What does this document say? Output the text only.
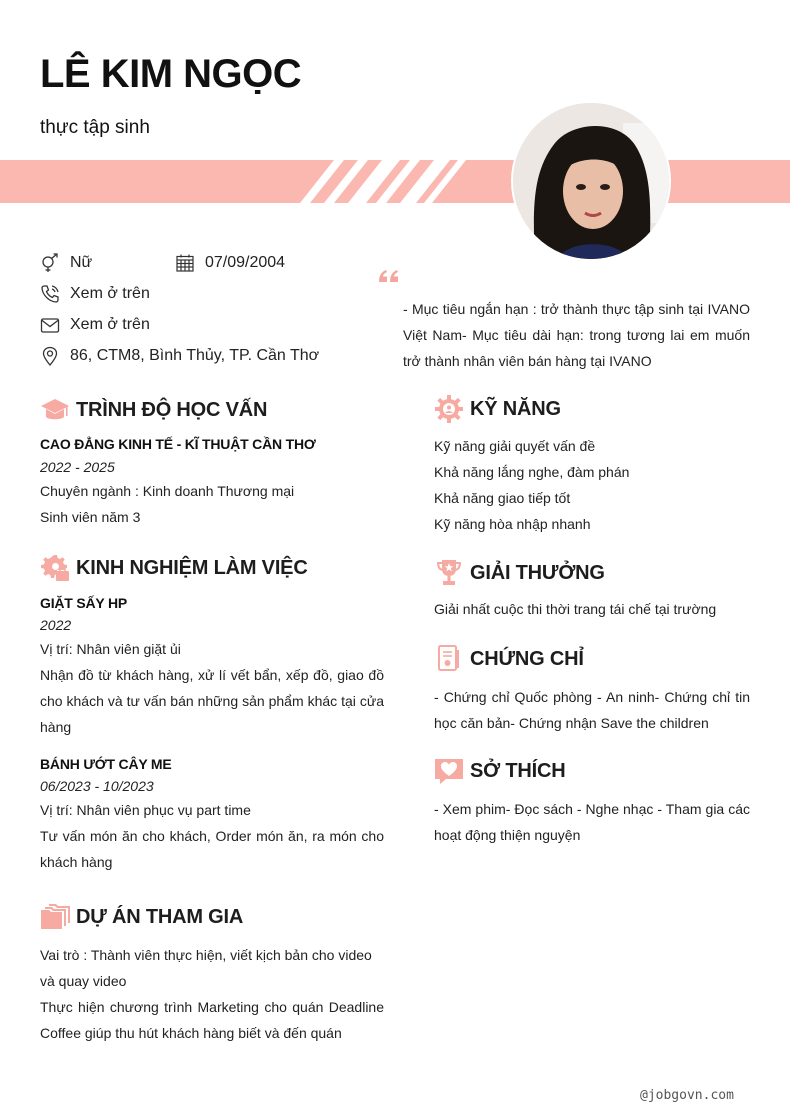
LÊ KIM NGỌC
thực tập sinh
Nữ
Xem ở trên
Xem ở trên
86, CTM8, Bình Thủy, TP. Cần Thơ
07/09/2004
- Mục tiêu ngắn hạn : trở thành thực tập sinh tại IVANO Việt Nam- Mục tiêu dài hạn: trong tương lai em muốn trở thành nhân viên bán hàng tại IVANO
TRÌNH ĐỘ HỌC VẤN
CAO ĐẲNG KINH TẾ - KĨ THUẬT CẦN THƠ
2022 - 2025
Chuyên ngành : Kinh doanh Thương mại
Sinh viên năm 3
KINH NGHIỆM LÀM VIỆC
GIẶT SẤY HP
2022
Vị trí: Nhân viên giặt ủi
Nhận đồ từ khách hàng, xử lí vết bẩn, xếp đồ, giao đồ cho khách và tư vấn bán những sản phẩm khác tại cửa hàng
BÁNH ƯỚT CÂY ME
06/2023 - 10/2023
Vị trí: Nhân viên phục vụ part time
Tư vấn món ăn cho khách, Order món ăn, ra món cho khách hàng
DỰ ÁN THAM GIA
Vai trò : Thành viên thực hiện, viết kịch bản cho video và quay video
Thực hiện chương trình Marketing cho quán Deadline Coffee giúp thu hút khách hàng biết và đến quán
KỸ NĂNG
Kỹ năng giải quyết vấn đề
Khả năng lắng nghe, đàm phán
Khả năng giao tiếp tốt
Kỹ năng hòa nhập nhanh
GIẢI THƯỞNG
Giải nhất cuộc thi thời trang tái chế tại trường
CHỨNG CHỈ
- Chứng chỉ Quốc phòng - An ninh- Chứng chỉ tin học căn bản- Chứng nhận Save the children
SỞ THÍCH
- Xem phim- Đọc sách - Nghe nhạc - Tham gia các hoạt động thiện nguyện
@jobgovn.com
